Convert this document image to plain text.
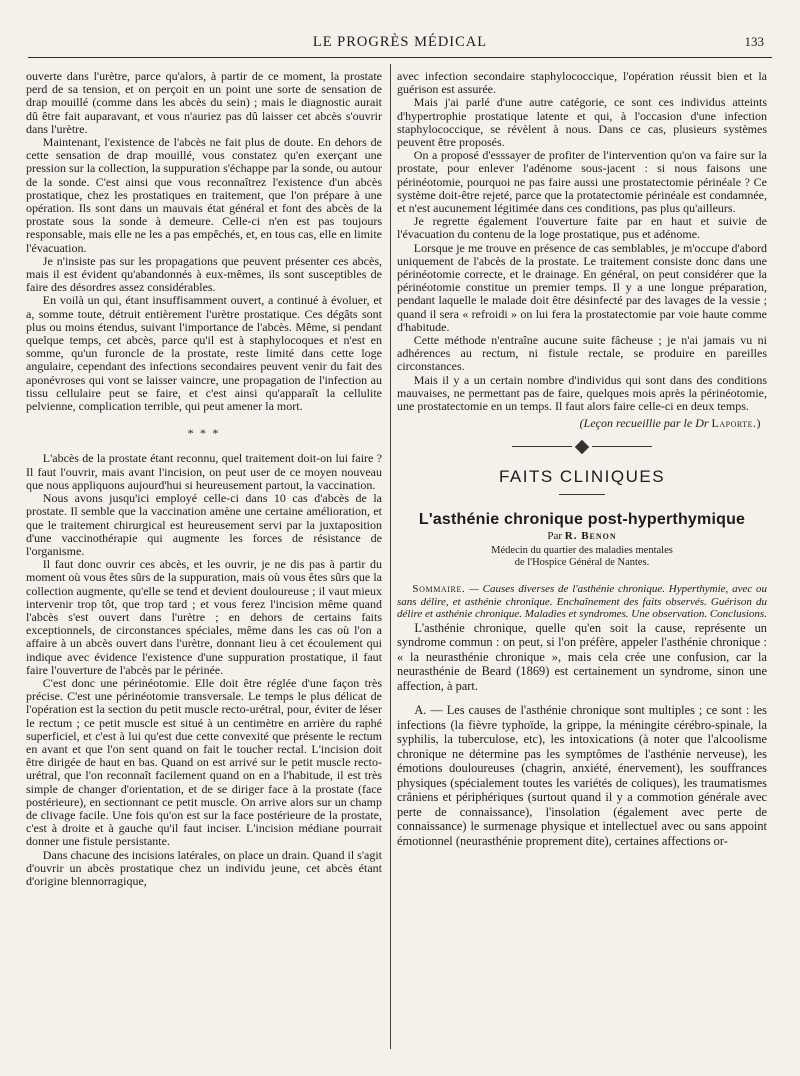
LE PROGRÈS MÉDICAL	133

ouverte dans l'urètre, parce qu'alors, à partir de ce moment, la prostate perd de sa tension, et on perçoit en un point une sorte de sensation de drap mouillé (comme dans les abcès du sein) ; mais le diagnostic aurait dû être fait auparavant, et vous n'auriez pas dû laisser cet abcès s'ouvrir dans l'urètre.

Maintenant, l'existence de l'abcès ne fait plus de doute. En dehors de cette sensation de drap mouillé, vous constatez qu'en exerçant une pression sur la collection, la suppuration s'échappe par la sonde, ou autour de la sonde. C'est ainsi que vous reconnaîtrez l'existence d'un abcès prostatique, chez les prostatiques en traitement, que l'on prépare à une opération. Ils sont dans un mauvais état général et font des abcès de la prostate sous la sonde à demeure. Celle-ci n'en est pas toujours responsable, mais elle ne les a pas empêchés, et, en tous cas, elle en limite l'évacuation.

Je n'insiste pas sur les propagations que peuvent présenter ces abcès, mais il est évident qu'abandonnés à eux-mêmes, ils sont susceptibles de faire des désordres assez considérables.

En voilà un qui, étant insuffisamment ouvert, a continué à évoluer, et a, somme toute, détruit entièrement l'urètre prostatique. Ces dégâts sont plus ou moins étendus, suivant l'importance de l'abcès. Même, si pendant quelque temps, cet abcès, parce qu'il est à staphylocoques et n'est en somme, qu'un furoncle de la prostate, reste limité dans cette loge angulaire, cependant des infections secondaires peuvent venir du fait des aponévroses qui vont se laisser vaincre, une propagation de l'infection au tissu cellulaire peut se faire, et c'est ainsi qu'apparaît la cellulite pelvienne, complication terrible, qui peut amener la mort.

* * *

L'abcès de la prostate étant reconnu, quel traitement doit-on lui faire ? Il faut l'ouvrir, mais avant l'incision, on peut user de ce moyen nouveau que nous appliquons aujourd'hui si heureusement partout, la vaccination.

Nous avons jusqu'ici employé celle-ci dans 10 cas d'abcès de la prostate. Il semble que la vaccination amène une certaine amélioration, et que le traitement chirurgical est heureusement servi par la juxtaposition d'une vaccinothérapie qui augmente les forces de résistance de l'organisme.

Il faut donc ouvrir ces abcès, et les ouvrir, je ne dis pas à partir du moment où vous êtes sûrs de la suppuration, mais où vous êtes sûrs que la collection augmente, qu'elle se tend et devient douloureuse ; il vaut mieux intervenir trop tôt, que trop tard ; et vous ferez l'incision même quand l'abcès s'est ouvert dans l'urètre ; en dehors de certains faits exceptionnels, de circonstances spéciales, même dans les cas où l'on a affaire à un abcès ouvert dans l'urètre, donnant lieu à cet écoulement qui indique avec évidence l'existence d'une suppuration prostatique, il faut faire l'ouverture de l'abcès par le périnée.

C'est donc une périnéotomie. Elle doit être réglée d'une façon très précise. C'est une périnéotomie transversale. Le temps le plus délicat de l'opération est la section du petit muscle recto-urétral, pour, éviter de léser le rectum ; ce petit muscle est situé à un centimètre en arrière du raphé superficiel, et c'est à lui qu'est due cette convexité que présente le rectum en avant et que l'on sent quand on fait le toucher rectal. L'incision doit être dirigée de haut en bas. Quand on est arrivé sur le petit muscle recto-urétral, que l'on reconnaît facilement quand on en a l'habitude, il est très simple de changer d'orientation, et de se diriger face à la prostate (face postérieure), en sectionnant ce petit muscle. On arrive alors sur un champ de clivage facile. Une fois qu'on est sur la face postérieure de la prostate, c'est à droite et à gauche qu'il faut inciser. L'incision médiane pourrait donner une fistule persistante.

Dans chacune des incisions latérales, on place un drain. Quand il s'agit d'ouvrir un abcès prostatique chez un individu jeune, cet abcès étant d'origine blennorragique,

avec infection secondaire staphylococcique, l'opération réussit bien et la guérison est assurée.

Mais j'ai parlé d'une autre catégorie, ce sont ces individus atteints d'hypertrophie prostatique latente et qui, à l'occasion d'une infection staphylococcique, se révèlent à nous. Dans ce cas, plusieurs systèmes peuvent être proposés.

On a proposé d'esssayer de profiter de l'intervention qu'on va faire sur la prostate, pour enlever l'adénome sous-jacent : si nous faisons une périnéotomie, pourquoi ne pas faire aussi une prostatectomie périnéale ? Ce système doit-être rejeté, parce que la protatectomie périnéale est condamnée, et n'est aucunement légitimée dans ces conditions, pas plus qu'ailleurs.

Je regrette également l'ouverture faite par en haut et suivie de l'évacuation du contenu de la loge prostatique, pus et adénome.

Lorsque je me trouve en présence de cas semblables, je m'occupe d'abord uniquement de l'abcès de la prostate. Le traitement consiste donc dans une périnéotomie correcte, et le drainage. En général, on peut considérer que la périnéotomie constitue un premier temps. Il y a une longue préparation, pendant laquelle le malade doit être désinfecté par des lavages de la vessie ; quand il sera « refroidi » on lui fera la prostatectomie par voie haute comme d'habitude.

Cette méthode n'entraîne aucune suite fâcheuse ; je n'ai jamais vu ni adhérences au rectum, ni fistule rectale, se produire en pareilles circonstances.

Mais il y a un certain nombre d'individus qui sont dans des conditions mauvaises, ne permettant pas de faire, quelques mois après la périnéotomie, une prostatectomie en un temps. Il faut alors faire celle-ci en deux temps.

(Leçon recueillie par le Dr Laporte.)
FAITS CLINIQUES
L'asthénie chronique post-hyperthymique
Par R. Benon
Médecin du quartier des maladies mentales
de l'Hospice Général de Nantes.

Sommaire. — Causes diverses de l'asthénie chronique. Hyperthymie, avec ou sans délire, et asthénie chronique. Enchaînement des faits observés. Guérison du délire et asthénie chronique. Maladies et syndromes. Une observation. Conclusions.

L'asthénie chronique, quelle qu'en soit la cause, représente un syndrome commun : on peut, si l'on préfère, appeler l'asthénie chronique : « la neurasthénie chronique », mais cela crée une confusion, car la neurasthénie de Beard (1869) est certainement un syndrome, sinon une affection, à part.

A. — Les causes de l'asthénie chronique sont multiples ; ce sont : les infections (la fièvre typhoïde, la grippe, la méningite cérébro-spinale, la syphilis, la tuberculose, etc), les intoxications (à noter que l'alcoolisme chronique ne détermine pas les symptômes de l'asthénie nerveuse), les émotions douloureuses (chagrin, anxiété, énervement), les souffrances physiques (spécialement toutes les variétés de coliques), les traumatismes crâniens et périphériques (surtout quand il y a commotion générale avec perte de connaissance), l'insolation (également avec perte de connaissance) le surmenage physique et intellectuel avec ou sans appoint émotionnel (neurasthénie proprement dite), certaines affections or-
